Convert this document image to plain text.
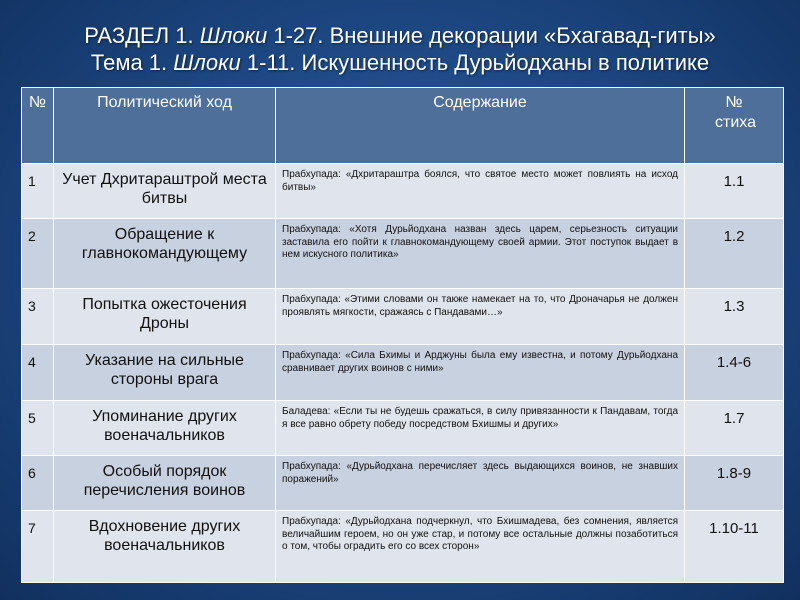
РАЗДЕЛ 1. Шлоки 1-27. Внешние декорации «Бхагавад-гиты»
Тема 1. Шлоки 1-11. Искушенность Дурьйодханы в политике
№	Политический ход	Содержание	№ стиха
1	Учет Дхритараштрой места битвы	Прабхупада: «Дхритараштра боялся, что святое место может повлиять на исход битвы»	1.1
2	Обращение к главнокомандующему	Прабхупада: «Хотя Дурьйодхана назван здесь царем, серьезность ситуации заставила его пойти к главнокомандующему своей армии. Этот поступок выдает в нем искусного политика»	1.2
3	Попытка ожесточения Дроны	Прабхупада: «Этими словами он также намекает на то, что Дроначарья не должен проявлять мягкости, сражаясь с Пандавами…»	1.3
4	Указание на сильные стороны врага	Прабхупада: «Сила Бхимы и Арджуны была ему известна, и потому Дурьйодхана сравнивает других воинов с ними»	1.4-6
5	Упоминание других военачальников	Баладева: «Если ты не будешь сражаться, в силу привязанности к Пандавам, тогда я все равно обрету победу посредством Бхишмы и других»	1.7
6	Особый порядок перечисления воинов	Прабхупада: «Дурьйодхана перечисляет здесь выдающихся воинов, не знавших поражений»	1.8-9
7	Вдохновение других военачальников	Прабхупада: «Дурьйодхана подчеркнул, что Бхишмадева, без сомнения, является величайшим героем, но он уже стар, и потому все остальные должны позаботиться о том, чтобы оградить его со всех сторон»	1.10-11
